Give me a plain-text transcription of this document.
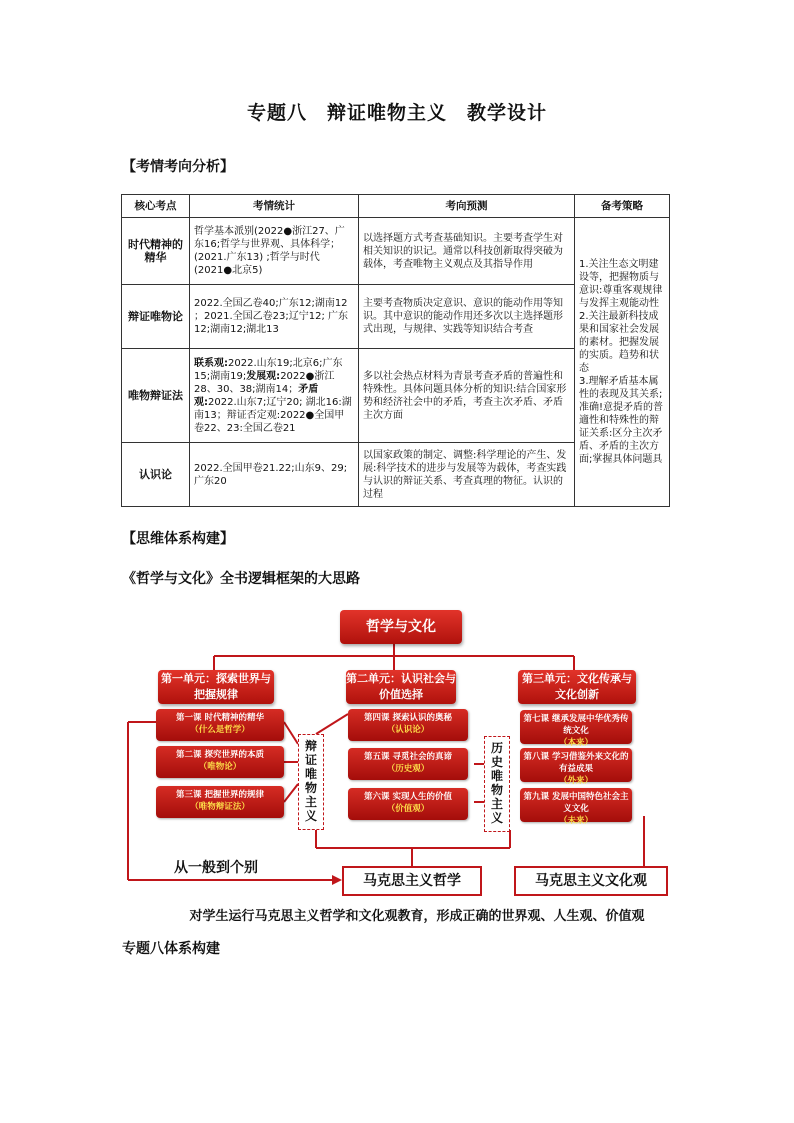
专题八　辩证唯物主义　教学设计
【考情考向分析】
核心考点	考情统计	考向预测	备考策略
时代精神的精华	哲学基本派别(2022●浙江27、广东16;哲学与世界观、具体科学；(2021.广东13) ;哲学与时代(2021●北京5)	以选择题方式考查基础知识。主要考查学生对相关知识的识记。通常以科技创新取得突破为载体，考查唯物主义观点及其指导作用	1.关注生态文明建设等，把握物质与意识:尊重客观规律与发挥主观能动性
2.关注最新科技成果和国家社会发展的素材。把握发展的实质。趋势和状态
3.理解矛盾基本属性的表现及其关系;准确!意提矛盾的普適性和特殊性的辩证关系:区分主次矛盾、矛盾的主次方面;掌握具体问题具

辩证唯物论	2022.全国乙卷40;广东12;湖南12 ；2021.全国乙卷23;辽宁12; 广东12;湖南12;湖北13	主要考查物质决定意识、意识的能动作用等知识。其中意识的能动作用还多次以主选择题形式出现，与规律、实践等知识结合考查	
唯物辩证法	联系观:2022.山东19;北京6;广东15;湖南19;发展观:2022●浙江28、30、38;湖南14；矛盾观:2022.山东7;辽宁20; 湖北16:湖南13；辩证否定观:2022●全国甲卷22、23:全国乙卷21	多以社会热点材料为青景考查矛盾的普遍性和特殊性。具体问题具体分析的知识:结合国家形势和经济社会中的矛盾，考查主次矛盾、矛盾主次方面	
认识论	2022.全国甲卷21.22;山东9、29;广东20	以国家政策的制定、调整:科学理论的产生、发展:科学技术的进步与发展等为载体，考查实践与认识的辩证关系、考查真理的物征。认识的过程	
【思维体系构建】
《哲学与文化》全书逻辑框架的大思路
哲学与文化
第一单元：探索世界与把握规律
第一课 时代精神的精华
（什么是哲学）
第二课 探究世界的本质
（唯物论）
第三课 把握世界的规律
（唯物辩证法）
辩
证
唯
物
主
义
第二单元：认识社会与价值选择
第四课 探索认识的奥秘
（认识论）
第五课 寻觅社会的真谛
（历史观）
第六课 实现人生的价值
（价值观）
历
史
唯
物
主
义
第三单元：文化传承与文化创新
第七课 继承发展中华优秀传统文化
（本来）
第八课 学习借鉴外来文化的有益成果
（外来）
第九课 发展中国特色社会主义文化
（未来）
从一般到个别
马克思主义哲学	马克思主义文化观
对学生运行马克思主义哲学和文化观教育，形成正确的世界观、人生观、价值观
专题八体系构建
